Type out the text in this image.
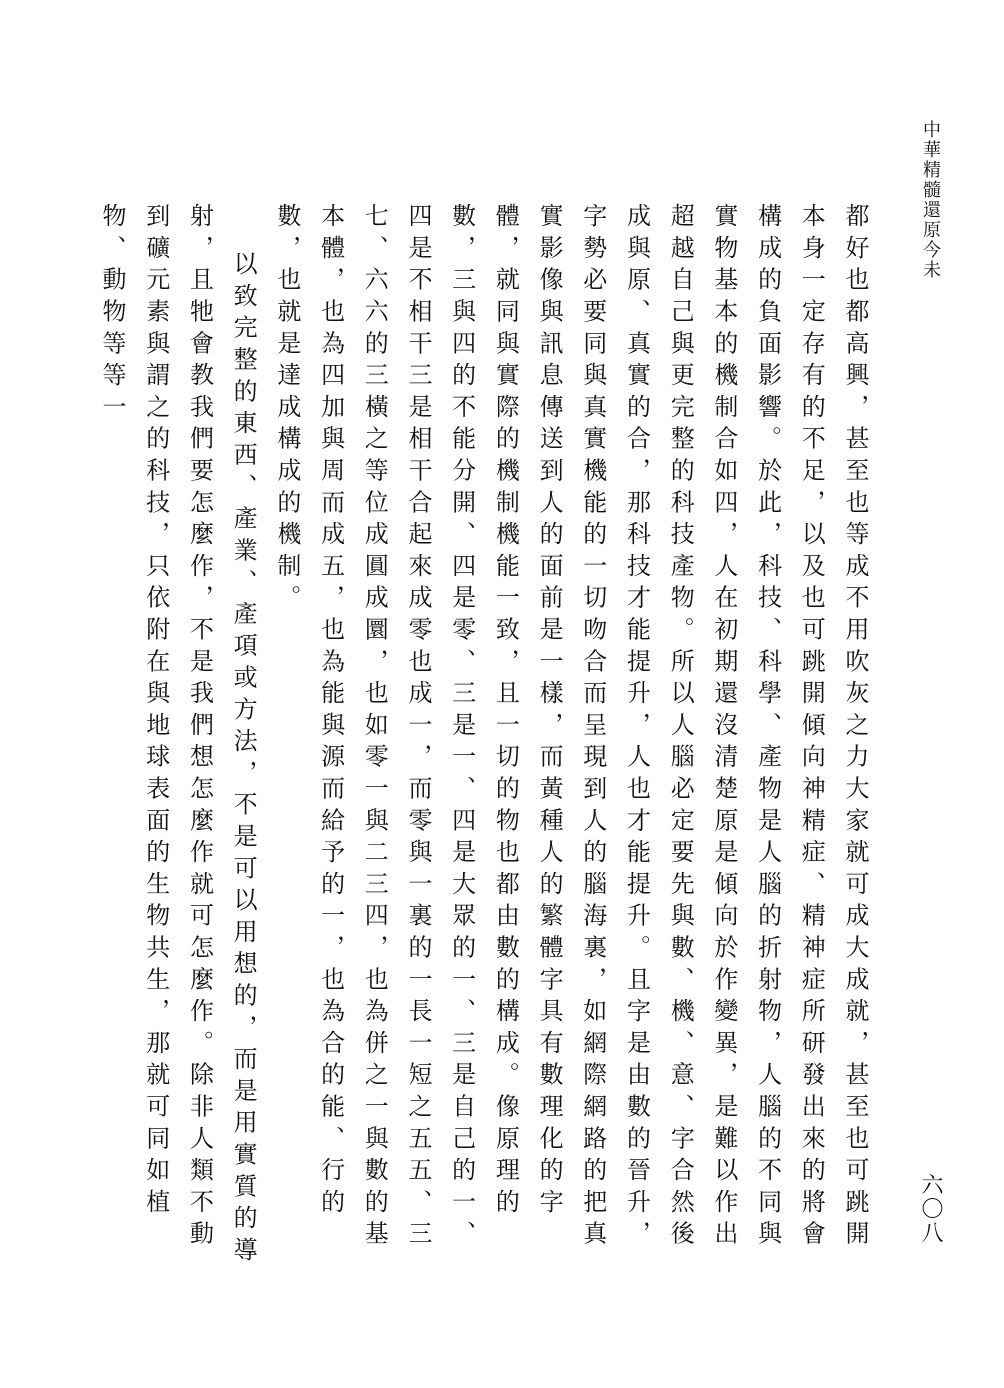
中華精髓還原今未

都好也都高興，甚至也等成不用吹灰之力大家就可成大成就，甚至也可跳開本身一定存有的不足，以及也可跳開傾向神精症、精神症所研發出來的將會構成的負面影響。於此，科技、科學、產物是人腦的折射物，人腦的不同與實物基本的機制合如四，人在初期還沒清楚原是傾向於作變異，是難以作出超越自己與更完整的科技產物。所以人腦必定要先與數、機、意、字合然後成與原、真實的合，那科技才能提升，人也才能提升。且字是由數的晉升，字勢必要同與真實機能的一切吻合而呈現到人的腦海裏，如網際網路的把真實影像與訊息傳送到人的面前是一樣，而黃種人的繁體字具有數理化的字體，就同與實際的機制機能一致，且一切的物也都由數的構成。像原理的數，三與四的不能分開、四是零、三是一、四是大眾的一、三是自己的一、四是不相干三是相干合起來成零也成一，而零與一裏的一長一短之五五、三七、六六的三橫之等位成圓成圜，也如零一與二三四，也為併之一與數的基本體，也為四加與周而成五，也為能與源而給予的一，也為合的能、行的數，也就是達成構成的機制。

以致完整的東西、產業、產項或方法，不是可以用想的，而是用實質的導射，且牠會教我們要怎麼作，不是我們想怎麼作就可怎麼作。除非人類不動到礦元素與謂之的科技，只依附在與地球表面的生物共生，那就可同如植物、動物等等一

六〇八
